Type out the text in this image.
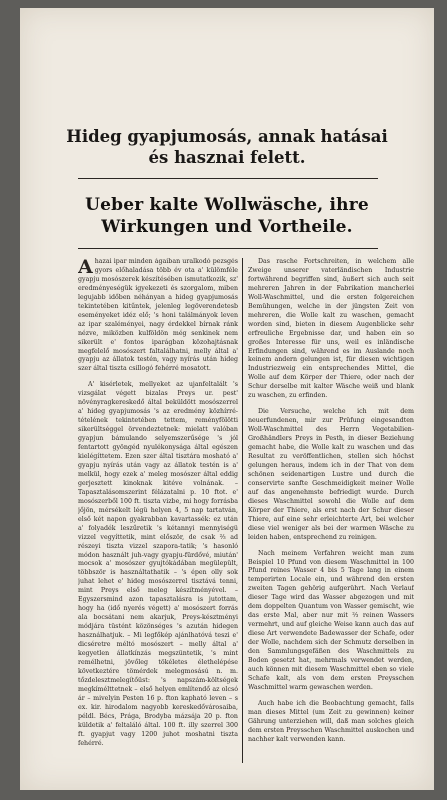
Hideg gyapjumosás, annak hatásai és hasznai felett.
Ueber kalte Wollwäsche, ihre Wirkungen und Vortheile.

Ahazai ipar minden ágaiban uralkodó pezsgés gyors előhaladása több év ota a' külömféle gyapju mosószerek készítésében ismutatkozik, sz' eredményeségük igyekezeti és szorgalom, miben legujabb időben néhányan a hideg gyapjumosás tekintetében kitűntek, jelenleg legöverendetesb eseményeket idéz elő; 's honi találmányok leven az ipar szaléményei, nagy érdekkel bírnak ránk nézve, miközben kulföldön még senkinek nem sikerült e' fontos iparágban közohajtásnak megfelelő mosószert faltalálhatni, melly által a' gyapju az állatok testén, vagy nyírás után hideg szer által tiszta csillogó fehérré mosatott.

A' kisérletek, mellyeket az ujanfeltalált 's vizsgálat végett bizalas Preys ur. pest' növényragkereskedő által beküldött mosószerrel a' hideg gyapjumosás 's az eredmény közhírré-tételének tekintetében tettem, reményfölötti sikerültséggel örvendeztetnek: mielatt valóban gyapjun bámulando selyemszerűsége 's jól fentartott gyöngéd nyulékonysága által egészen kielégíttetem. Ezen szer által tisztára mosható a' gyapju nyírás után vagy az állatok testén is a' melkül, hogy ezek a' meleg mosószer által eddig gerjesztett kinoknak kitéve volnának. – Tapasztalásomszerint félázatalni p. 10 ftot. e' mosószerből 100 ft. tiszta vizbe, mi hogy forrásba jőjön, mérsékelt légü helyen 4, 5 nap tartatván, első két napon gyakrabban kavartassék: ez után a' folyadék leszűretik 's kétannyi mennyiségü vizzel vegyíttetik, mint először, de csak ⅔ ad részeyi tiszta vizzel szapora-tatik; 's hasonló módon használt juh-vagy gyapju-fürdővé, miután' mocsok a' mosószer gyujtókádában megülepült, többször is használtathatik – 's épen olly sok juhat lehet e' hideg mosószerrel tisztává tenni, mint Preys első meleg készítményével. – Egyszersmind azon tapasztalásra is jutottam, hogy ha (idő nyerés végett) a' mosószert forrás ala bocsátani nem akarjuk, Preys-késztményi módjára tüstént közönséges 's azután hidegen használhatjuk. – Mi legfőkép ajánlhatóvá teszi e' dicséretre méltó mosószert – melly által a' kegyetlen állatkínzás megszüntetik, 's mint remélhetni, jövőleg tökéletes élethelépése következtére tömérdek melegmosású n. m. tőzdelesztmelegítőüst: 's napszám-költségek megkímélttetnek – első helyen említendő az olcsó ár – mivelyin Pesten 16 p. fton kapható leven – s ex. kir. hirodalom nagyobb kereskedővárosaiba, példl. Bécs, Prága, Brodyba mázsája 20 p. fton küldetik a' feltaláló által. 100 ft. illy szerrel 300 ft. gyapjut vagy 1200 juhot moshatni tiszta fehérré.

Das rasche Fortschreiten, in welchem alle Zweige unserer vaterländischen Industrie fortwährend begriffen sind, äußert sich auch seit mehreren Jahren in der Fabrikation mancherlei Woll-Waschmittel, und die ersten folgereichen Bemühungen, welche in der jüngsten Zeit von mehreren, die Wolle kalt zu waschen, gemacht worden sind, bieten in diesem Augenblicke sehr erfreuliche Ergebnisse dar, und haben ein so großes Interesse für uns, weil es inländische Erfindungen sind, während es im Auslande noch keinem andern gelungen ist, für diesen wichtigen Industriezweig ein entsprechendes Mittel, die Wolle auf dem Körper der Thiere, oder nach der Schur derselbe mit kalter Wäsche weiß und blank zu waschen, zu erfinden.

Die Versuche, welche ich mit dem neuerfundenen, mir zur Prüfung eingesandten Woll-Waschmittel des Herrn Vegetabilien-Großhändlers Preys in Pesth, in dieser Beziehung gemacht habe, die Wolle kalt zu waschen und das Resultat zu veröffentlichen, stellen sich höchst gelungen heraus, indem ich in der That von dem schönen seidenartigen Lustre und durch die conservirte sanfte Geschmeidigkeit meiner Wolle auf das angenehmste befriedigt wurde. Durch dieses Waschmittel sowohl die Wolle auf dem Körper der Thiere, als erst nach der Schur dieser Thiere, auf eine sehr erleichterte Art, bei welcher diese viel weniger als bei der warmen Wäsche zu leiden haben, entsprechend zu reinigen.

Nach meinem Verfahren weicht man zum Beispiel 10 Pfund von diesem Waschmittel in 100 Pfund reines Wasser 4 bis 5 Tage lang in einem temperirten Locale ein, und während den ersten zweiten Tagen gehörig aufgerührt. Nach Verlauf dieser Tage wird das Wasser abgezogen und mit dem doppelten Quantum von Wasser gemischt, wie das erste Mal, aber nur mit ⅔ reinen Wassers vermehrt, und auf gleiche Weise kann auch das auf diese Art verwendete Badewasser der Schafe, oder der Wolle, nachdem sich der Schmutz derselben in den Sammlungsgefäßen des Waschmittels zu Boden gesetzt hat, mehrmals verwendet werden, auch können mit diesem Waschmittel eben so viele Schafe kalt, als von dem ersten Preysschen Waschmittel warm gewaschen werden.

Auch habe ich die Beobachtung gemacht, falls man dieses Mittel (um Zeit zu gewinnen) keiner Gährung unterziehen will, daß man solches gleich dem ersten Preysschen Waschmittel auskochen und nachher kalt verwenden kann.
